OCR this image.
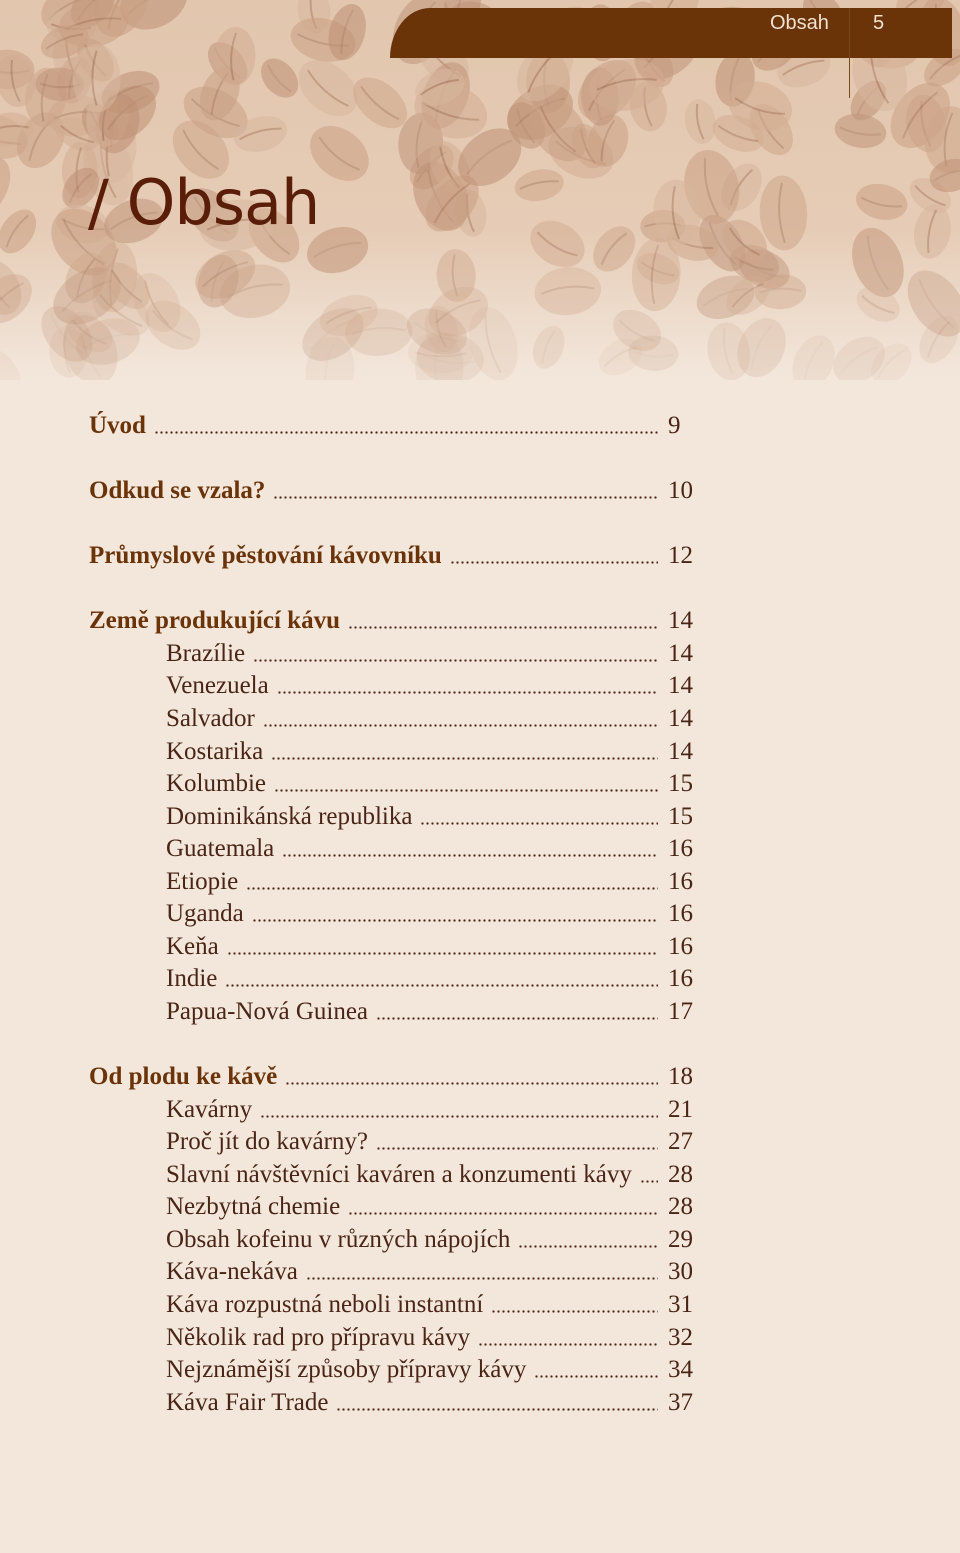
Obsah 5
/ Obsah
Úvod	9
Odkud se vzala?	10
Průmyslové pěstování kávovníku	12
Země produkující kávu	14
Brazílie	14
Venezuela	14
Salvador	14
Kostarika	14
Kolumbie	15
Dominikánská republika	15
Guatemala	16
Etiopie	16
Uganda	16
Keňa	16
Indie	16
Papua-Nová Guinea	17
Od plodu ke kávě	18
Kavárny	21
Proč jít do kavárny?	27
Slavní návštěvníci kaváren a konzumenti kávy 28
Nezbytná chemie	28
Obsah kofeinu v různých nápojích	29
Káva-nekáva	30
Káva rozpustná neboli instantní	31
Několik rad pro přípravu kávy	32
Nejznámější způsoby přípravy kávy	34
Káva Fair Trade	37
